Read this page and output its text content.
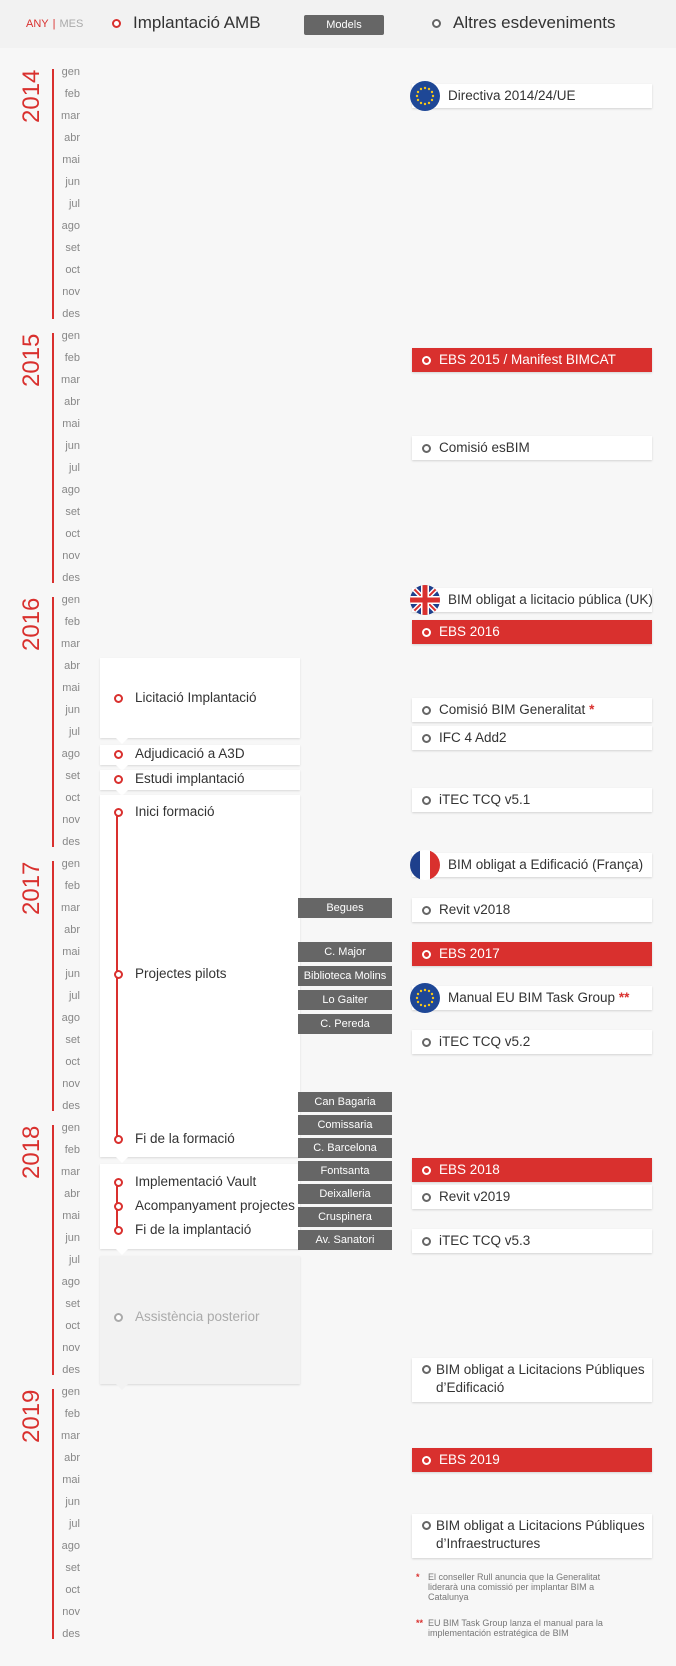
ANY | MES	Implantació AMB	Models	Altres esdeveniments
2014	gen
feb
mar
abr
mai
jun
jul
ago
set
oct
nov
des
2015	gen
feb
mar
abr
mai
jun
jul
ago
set
oct
nov
des
2016	gen
feb
mar
abr
mai
jun
jul
ago
set
oct
nov
des
2017	gen
feb
mar
abr
mai
jun
jul
ago
set
oct
nov
des
2018	gen
feb
mar
abr
mai
jun
jul
ago
set
oct
nov
des
2019	gen
feb
mar
abr
mai
jun
jul
ago
set
oct
nov
des
Licitació Implantació
Adjudicació a A3D
Estudi implantació
Inici formació
Projectes pilots
Fi de la formació
Implementació Vault
Acompanyament projectes
Fi de la implantació
Assistència posterior
Begues
C. Major
Biblioteca Molins
Lo Gaiter
C. Pereda
Can Bagaria
Comissaria
C. Barcelona
Fontsanta
Deixalleria
Cruspinera
Av. Sanatori
Directiva 2014/24/UE
EBS 2015 / Manifest BIMCAT
Comisió esBIM
BIM obligat a licitacio pública (UK)
EBS 2016
Comisió BIM Generalitat *
IFC 4 Add2
iTEC TCQ v5.1
BIM obligat a Edificació (França)
Revit v2018
EBS 2017
Manual EU BIM Task Group **
iTEC TCQ v5.2
EBS 2018
Revit v2019
iTEC TCQ v5.3
BIM obligat a Licitacions Públiques d’Edificació
EBS 2019
BIM obligat a Licitacions Públiques d’Infraestructures
* El conseller Rull anuncia que la Generalitat liderarà una comissió per implantar BIM a Catalunya
** EU BIM Task Group lanza el manual para la implementación estratégica de BIM
